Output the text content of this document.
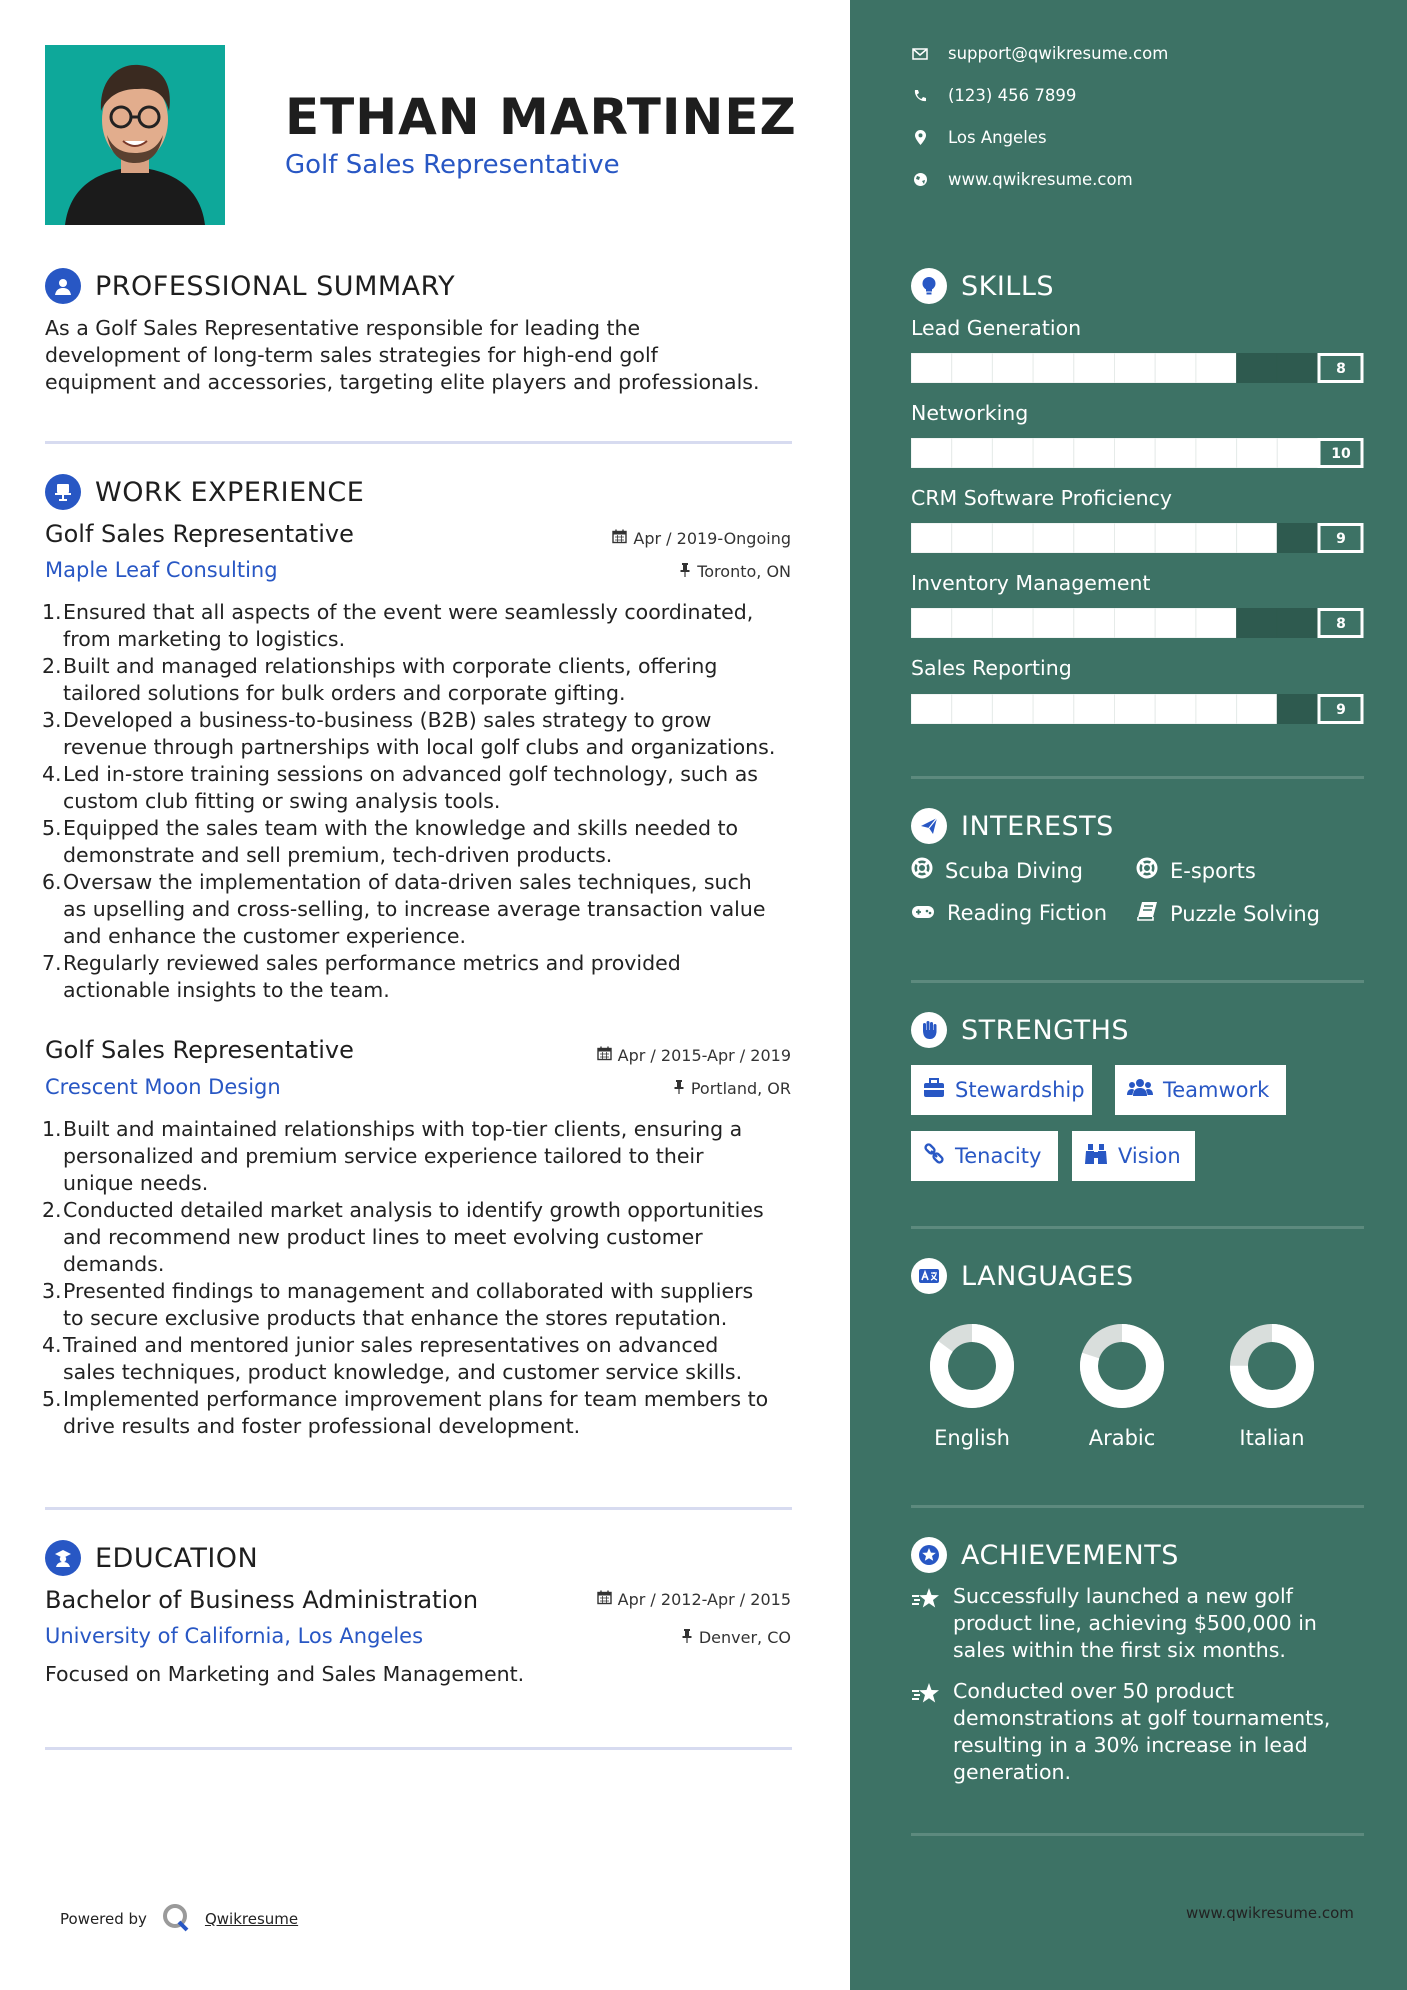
ETHAN MARTINEZ
Golf Sales Representative
PROFESSIONAL SUMMARY
As a Golf Sales Representative responsible for leading the
development of long-term sales strategies for high-end golf
equipment and accessories, targeting elite players and professionals.
WORK EXPERIENCE
Golf Sales Representative	Apr / 2019-Ongoing
Maple Leaf Consulting	Toronto, ON
1. Ensured that all aspects of the event were seamlessly coordinated,
from marketing to logistics.
2. Built and managed relationships with corporate clients, offering
tailored solutions for bulk orders and corporate gifting.
3. Developed a business-to-business (B2B) sales strategy to grow
revenue through partnerships with local golf clubs and organizations.
4. Led in-store training sessions on advanced golf technology, such as
custom club fitting or swing analysis tools.
5. Equipped the sales team with the knowledge and skills needed to
demonstrate and sell premium, tech-driven products.
6. Oversaw the implementation of data-driven sales techniques, such
as upselling and cross-selling, to increase average transaction value
and enhance the customer experience.
7. Regularly reviewed sales performance metrics and provided
actionable insights to the team.
Golf Sales Representative	Apr / 2015-Apr / 2019
Crescent Moon Design	Portland, OR
1. Built and maintained relationships with top-tier clients, ensuring a
personalized and premium service experience tailored to their
unique needs.
2. Conducted detailed market analysis to identify growth opportunities
and recommend new product lines to meet evolving customer
demands.
3. Presented findings to management and collaborated with suppliers
to secure exclusive products that enhance the stores reputation.
4. Trained and mentored junior sales representatives on advanced
sales techniques, product knowledge, and customer service skills.
5. Implemented performance improvement plans for team members to
drive results and foster professional development.
EDUCATION
Bachelor of Business Administration	Apr / 2012-Apr / 2015
University of California, Los Angeles	Denver, CO
Focused on Marketing and Sales Management.
Powered by	Qwikresume
support@qwikresume.com
(123) 456 7899
Los Angeles
www.qwikresume.com
SKILLS
Lead Generation
8
Networking
10
CRM Software Proficiency
9
Inventory Management
8
Sales Reporting
9
INTERESTS
Scuba Diving	E-sports
Reading Fiction	Puzzle Solving
STRENGTHS
Stewardship	Teamwork
Tenacity	Vision
LANGUAGES
English	Arabic	Italian
ACHIEVEMENTS
Successfully launched a new golf
product line, achieving $500,000 in
sales within the first six months.
Conducted over 50 product
demonstrations at golf tournaments,
resulting in a 30% increase in lead
generation.
www.qwikresume.com
